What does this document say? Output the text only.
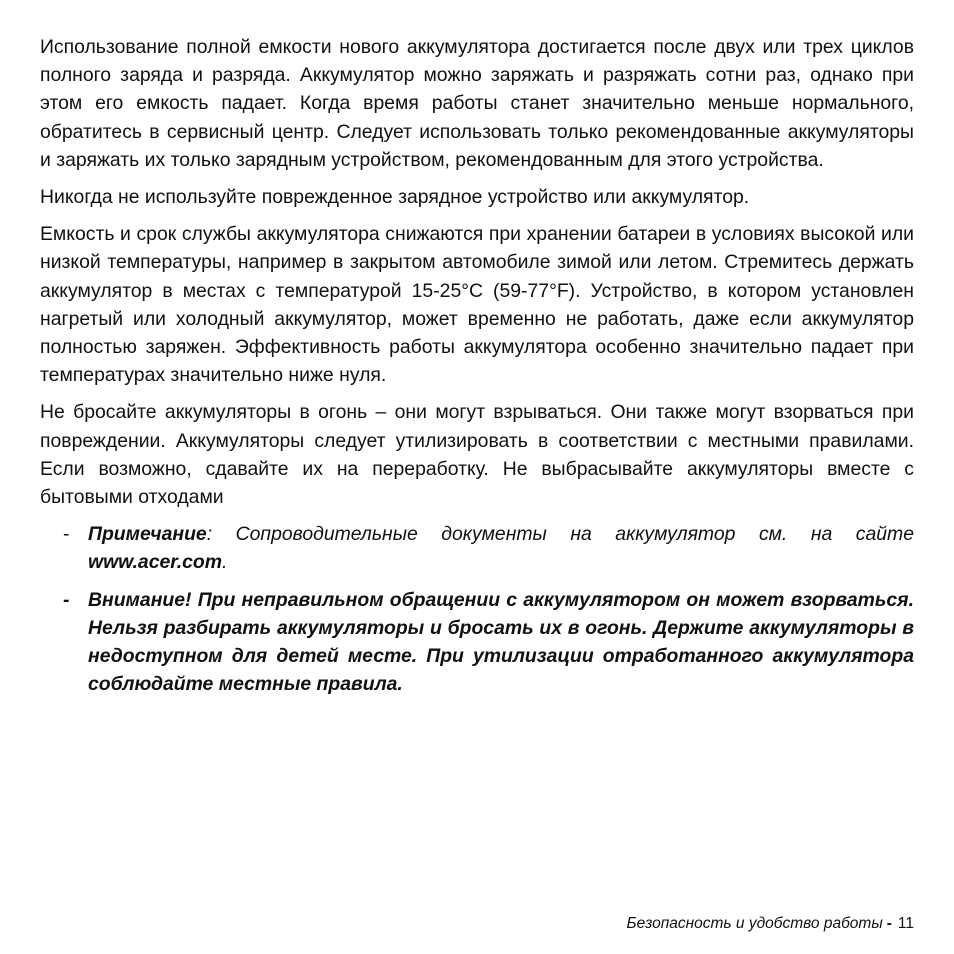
Использование полной емкости нового аккумулятора достигается после двух или трех циклов полного заряда и разряда. Аккумулятор можно заряжать и разряжать сотни раз, однако при этом его емкость падает. Когда время работы станет значительно меньше нормального, обратитесь в сервисный центр. Следует использовать только рекомендованные аккумуляторы и заряжать их только зарядным устройством, рекомендованным для этого устройства.

Никогда не используйте поврежденное зарядное устройство или аккумулятор.

Емкость и срок службы аккумулятора снижаются при хранении батареи в условиях высокой или низкой температуры, например в закрытом автомобиле зимой или летом. Стремитесь держать аккумулятор в местах с температурой 15-25°C (59-77°F). Устройство, в котором установлен нагретый или холодный аккумулятор, может временно не работать, даже если аккумулятор полностью заряжен. Эффективность работы аккумулятора особенно значительно падает при температурах значительно ниже нуля.

Не бросайте аккумуляторы в огонь – они могут взрываться. Они также могут взорваться при повреждении. Аккумуляторы следует утилизировать в соответствии с местными правилами. Если возможно, сдавайте их на переработку. Не выбрасывайте аккумуляторы вместе с бытовыми отходами

- Примечание: Сопроводительные документы на аккумулятор см. на сайте www.acer.com.
- Внимание! При неправильном обращении с аккумулятором он может взорваться. Нельзя разбирать аккумуляторы и бросать их в огонь. Держите аккумуляторы в недоступном для детей месте. При утилизации отработанного аккумулятора соблюдайте местные правила.
Безопасность и удобство работы - 11
